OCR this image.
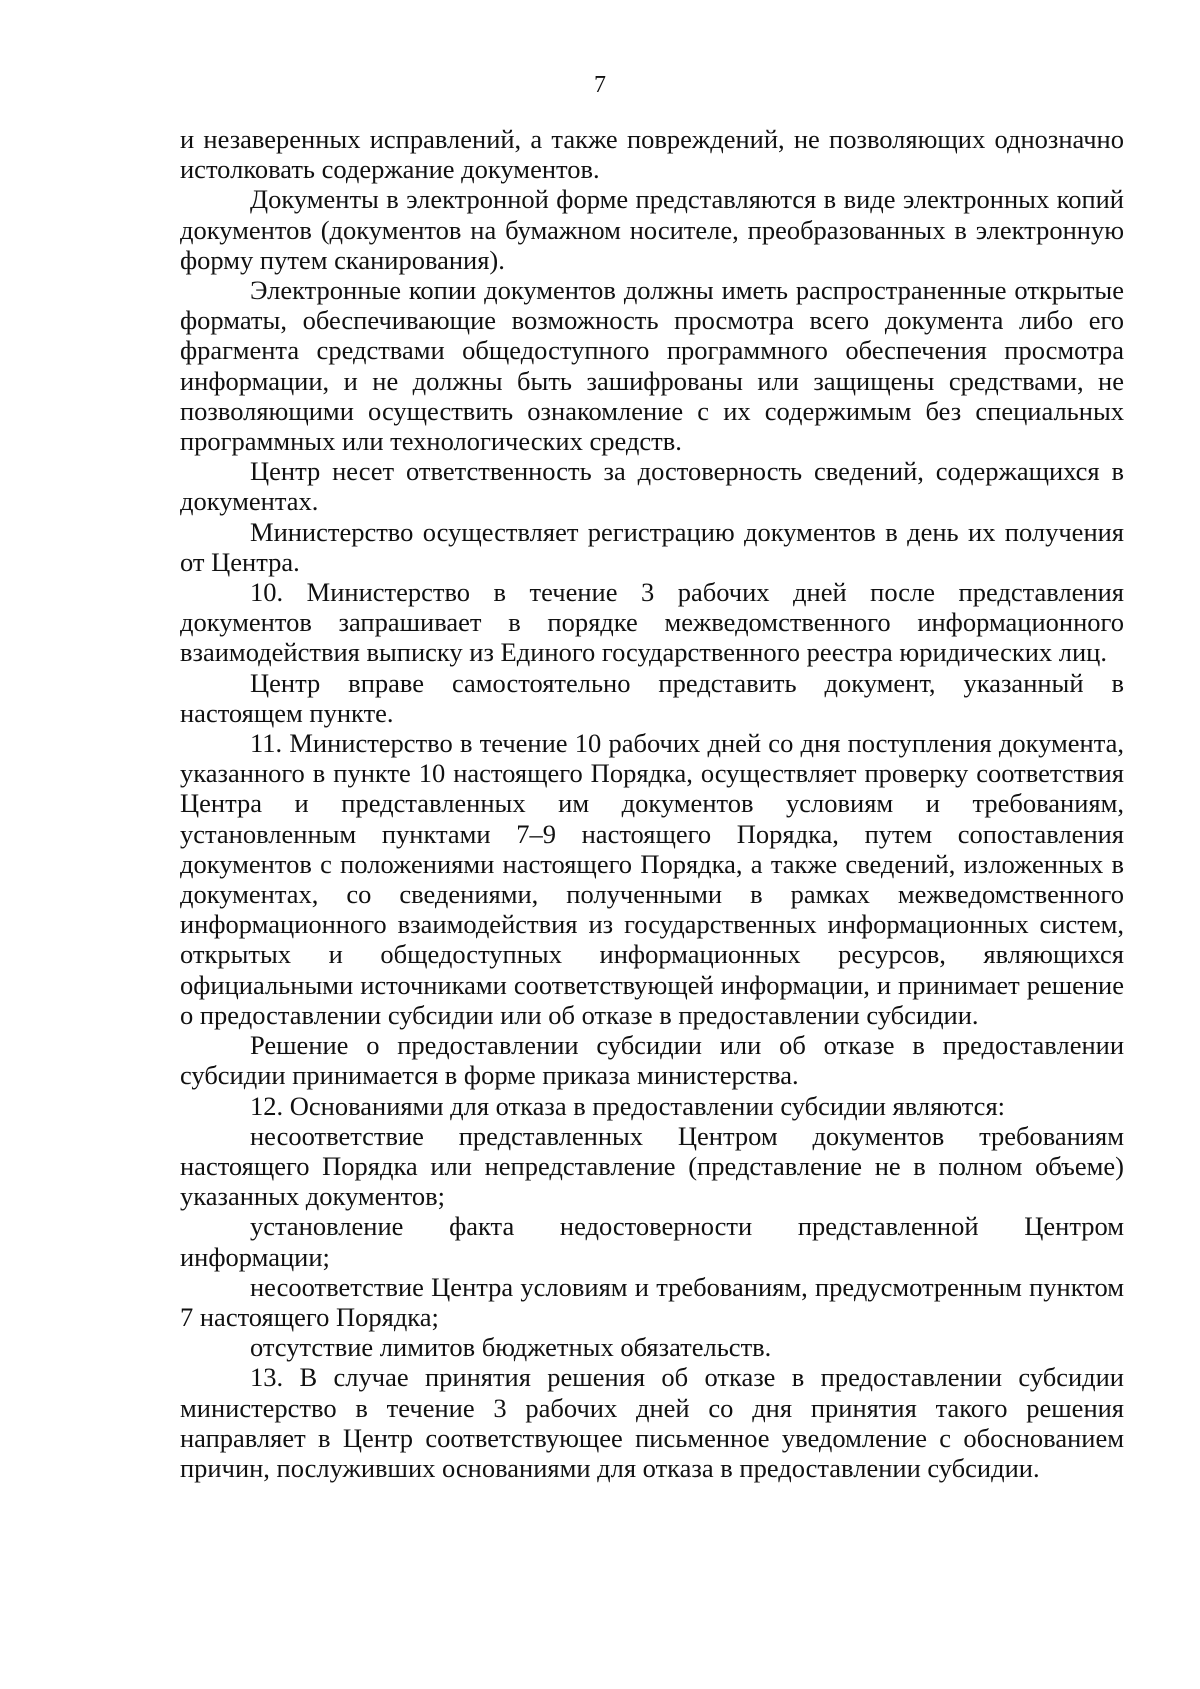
7

и незаверенных исправлений, а также повреждений, не позволяющих однозначно истолковать содержание документов.

Документы в электронной форме представляются в виде электронных копий документов (документов на бумажном носителе, преобразованных в электронную форму путем сканирования).

Электронные копии документов должны иметь распространенные открытые форматы, обеспечивающие возможность просмотра всего документа либо его фрагмента средствами общедоступного программного обеспечения просмотра информации, и не должны быть зашифрованы или защищены средствами, не позволяющими осуществить ознакомление с их содержимым без специальных программных или технологических средств.

Центр несет ответственность за достоверность сведений, содержащихся в документах.

Министерство осуществляет регистрацию документов в день их получения от Центра.

10. Министерство в течение 3 рабочих дней после представления документов запрашивает в порядке межведомственного информационного взаимодействия выписку из Единого государственного реестра юридических лиц.

Центр вправе самостоятельно представить документ, указанный в настоящем пункте.

11. Министерство в течение 10 рабочих дней со дня поступления документа, указанного в пункте 10 настоящего Порядка, осуществляет проверку соответствия Центра и представленных им документов условиям и требованиям, установленным пунктами 7–9 настоящего Порядка, путем сопоставления документов с положениями настоящего Порядка, а также сведений, изложенных в документах, со сведениями, полученными в рамках межведомственного информационного взаимодействия из государственных информационных систем, открытых и общедоступных информационных ресурсов, являющихся официальными источниками соответствующей информации, и принимает решение о предоставлении субсидии или об отказе в предоставлении субсидии.

Решение о предоставлении субсидии или об отказе в предоставлении субсидии принимается в форме приказа министерства.

12. Основаниями для отказа в предоставлении субсидии являются:

несоответствие представленных Центром документов требованиям настоящего Порядка или непредставление (представление не в полном объеме) указанных документов;

установление факта недостоверности представленной Центром информации;

несоответствие Центра условиям и требованиям, предусмотренным пунктом 7 настоящего Порядка;

отсутствие лимитов бюджетных обязательств.

13. В случае принятия решения об отказе в предоставлении субсидии министерство в течение 3 рабочих дней со дня принятия такого решения направляет в Центр соответствующее письменное уведомление с обоснованием причин, послуживших основаниями для отказа в предоставлении субсидии.
